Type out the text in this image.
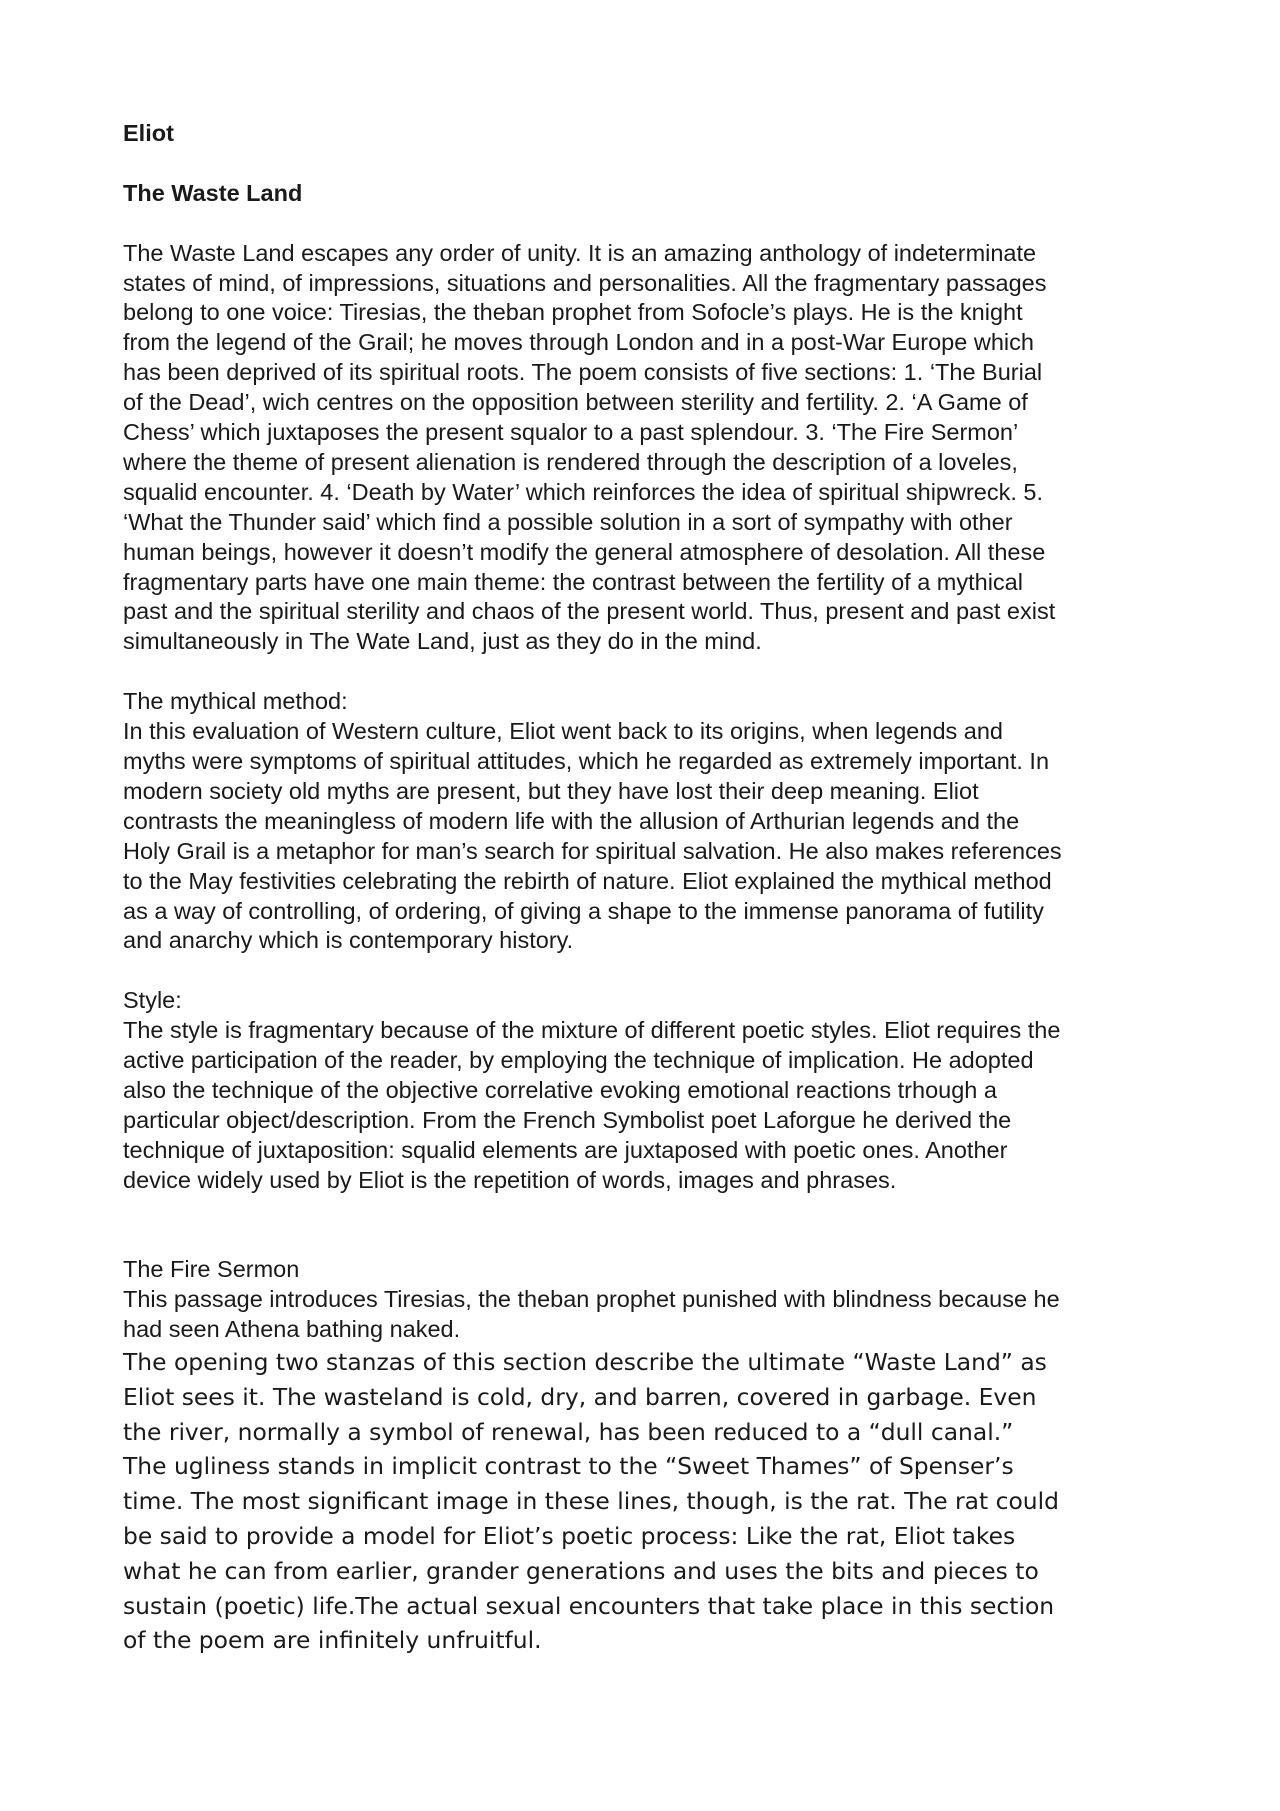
Eliot

The Waste Land

The Waste Land escapes any order of unity. It is an amazing anthology of indeterminate
states of mind, of impressions, situations and personalities. All the fragmentary passages
belong to one voice: Tiresias, the theban prophet from Sofocle’s plays. He is the knight
from the legend of the Grail; he moves through London and in a post-War Europe which
has been deprived of its spiritual roots. The poem consists of five sections: 1. ‘The Burial
of the Dead’, wich centres on the opposition between sterility and fertility. 2. ‘A Game of
Chess’ which juxtaposes the present squalor to a past splendour. 3. ‘The Fire Sermon’
where the theme of present alienation is rendered through the description of a loveles,
squalid encounter. 4. ‘Death by Water’ which reinforces the idea of spiritual shipwreck. 5.
‘What the Thunder said’ which find a possible solution in a sort of sympathy with other
human beings, however it doesn’t modify the general atmosphere of desolation. All these
fragmentary parts have one main theme: the contrast between the fertility of a mythical
past and the spiritual sterility and chaos of the present world. Thus, present and past exist
simultaneously in The Wate Land, just as they do in the mind.

The mythical method:

In this evaluation of Western culture, Eliot went back to its origins, when legends and
myths were symptoms of spiritual attitudes, which he regarded as extremely important. In
modern society old myths are present, but they have lost their deep meaning. Eliot
contrasts the meaningless of modern life with the allusion of Arthurian legends and the
Holy Grail is a metaphor for man’s search for spiritual salvation. He also makes references
to the May festivities celebrating the rebirth of nature. Eliot explained the mythical method
as a way of controlling, of ordering, of giving a shape to the immense panorama of futility
and anarchy which is contemporary history.

Style:

The style is fragmentary because of the mixture of different poetic styles. Eliot requires the
active participation of the reader, by employing the technique of implication. He adopted
also the technique of the objective correlative evoking emotional reactions trhough a
particular object/description. From the French Symbolist poet Laforgue he derived the
technique of juxtaposition: squalid elements are juxtaposed with poetic ones. Another
device widely used by Eliot is the repetition of words, images and phrases.

The Fire Sermon

This passage introduces Tiresias, the theban prophet punished with blindness because he
had seen Athena bathing naked.
The opening two stanzas of this section describe the ultimate “Waste Land” as
Eliot sees it. The wasteland is cold, dry, and barren, covered in garbage. Even
the river, normally a symbol of renewal, has been reduced to a “dull canal.”
The ugliness stands in implicit contrast to the “Sweet Thames” of Spenser’s
time. The most significant image in these lines, though, is the rat. The rat could
be said to provide a model for Eliot’s poetic process: Like the rat, Eliot takes
what he can from earlier, grander generations and uses the bits and pieces to
sustain (poetic) life.The actual sexual encounters that take place in this section
of the poem are infinitely unfruitful.
